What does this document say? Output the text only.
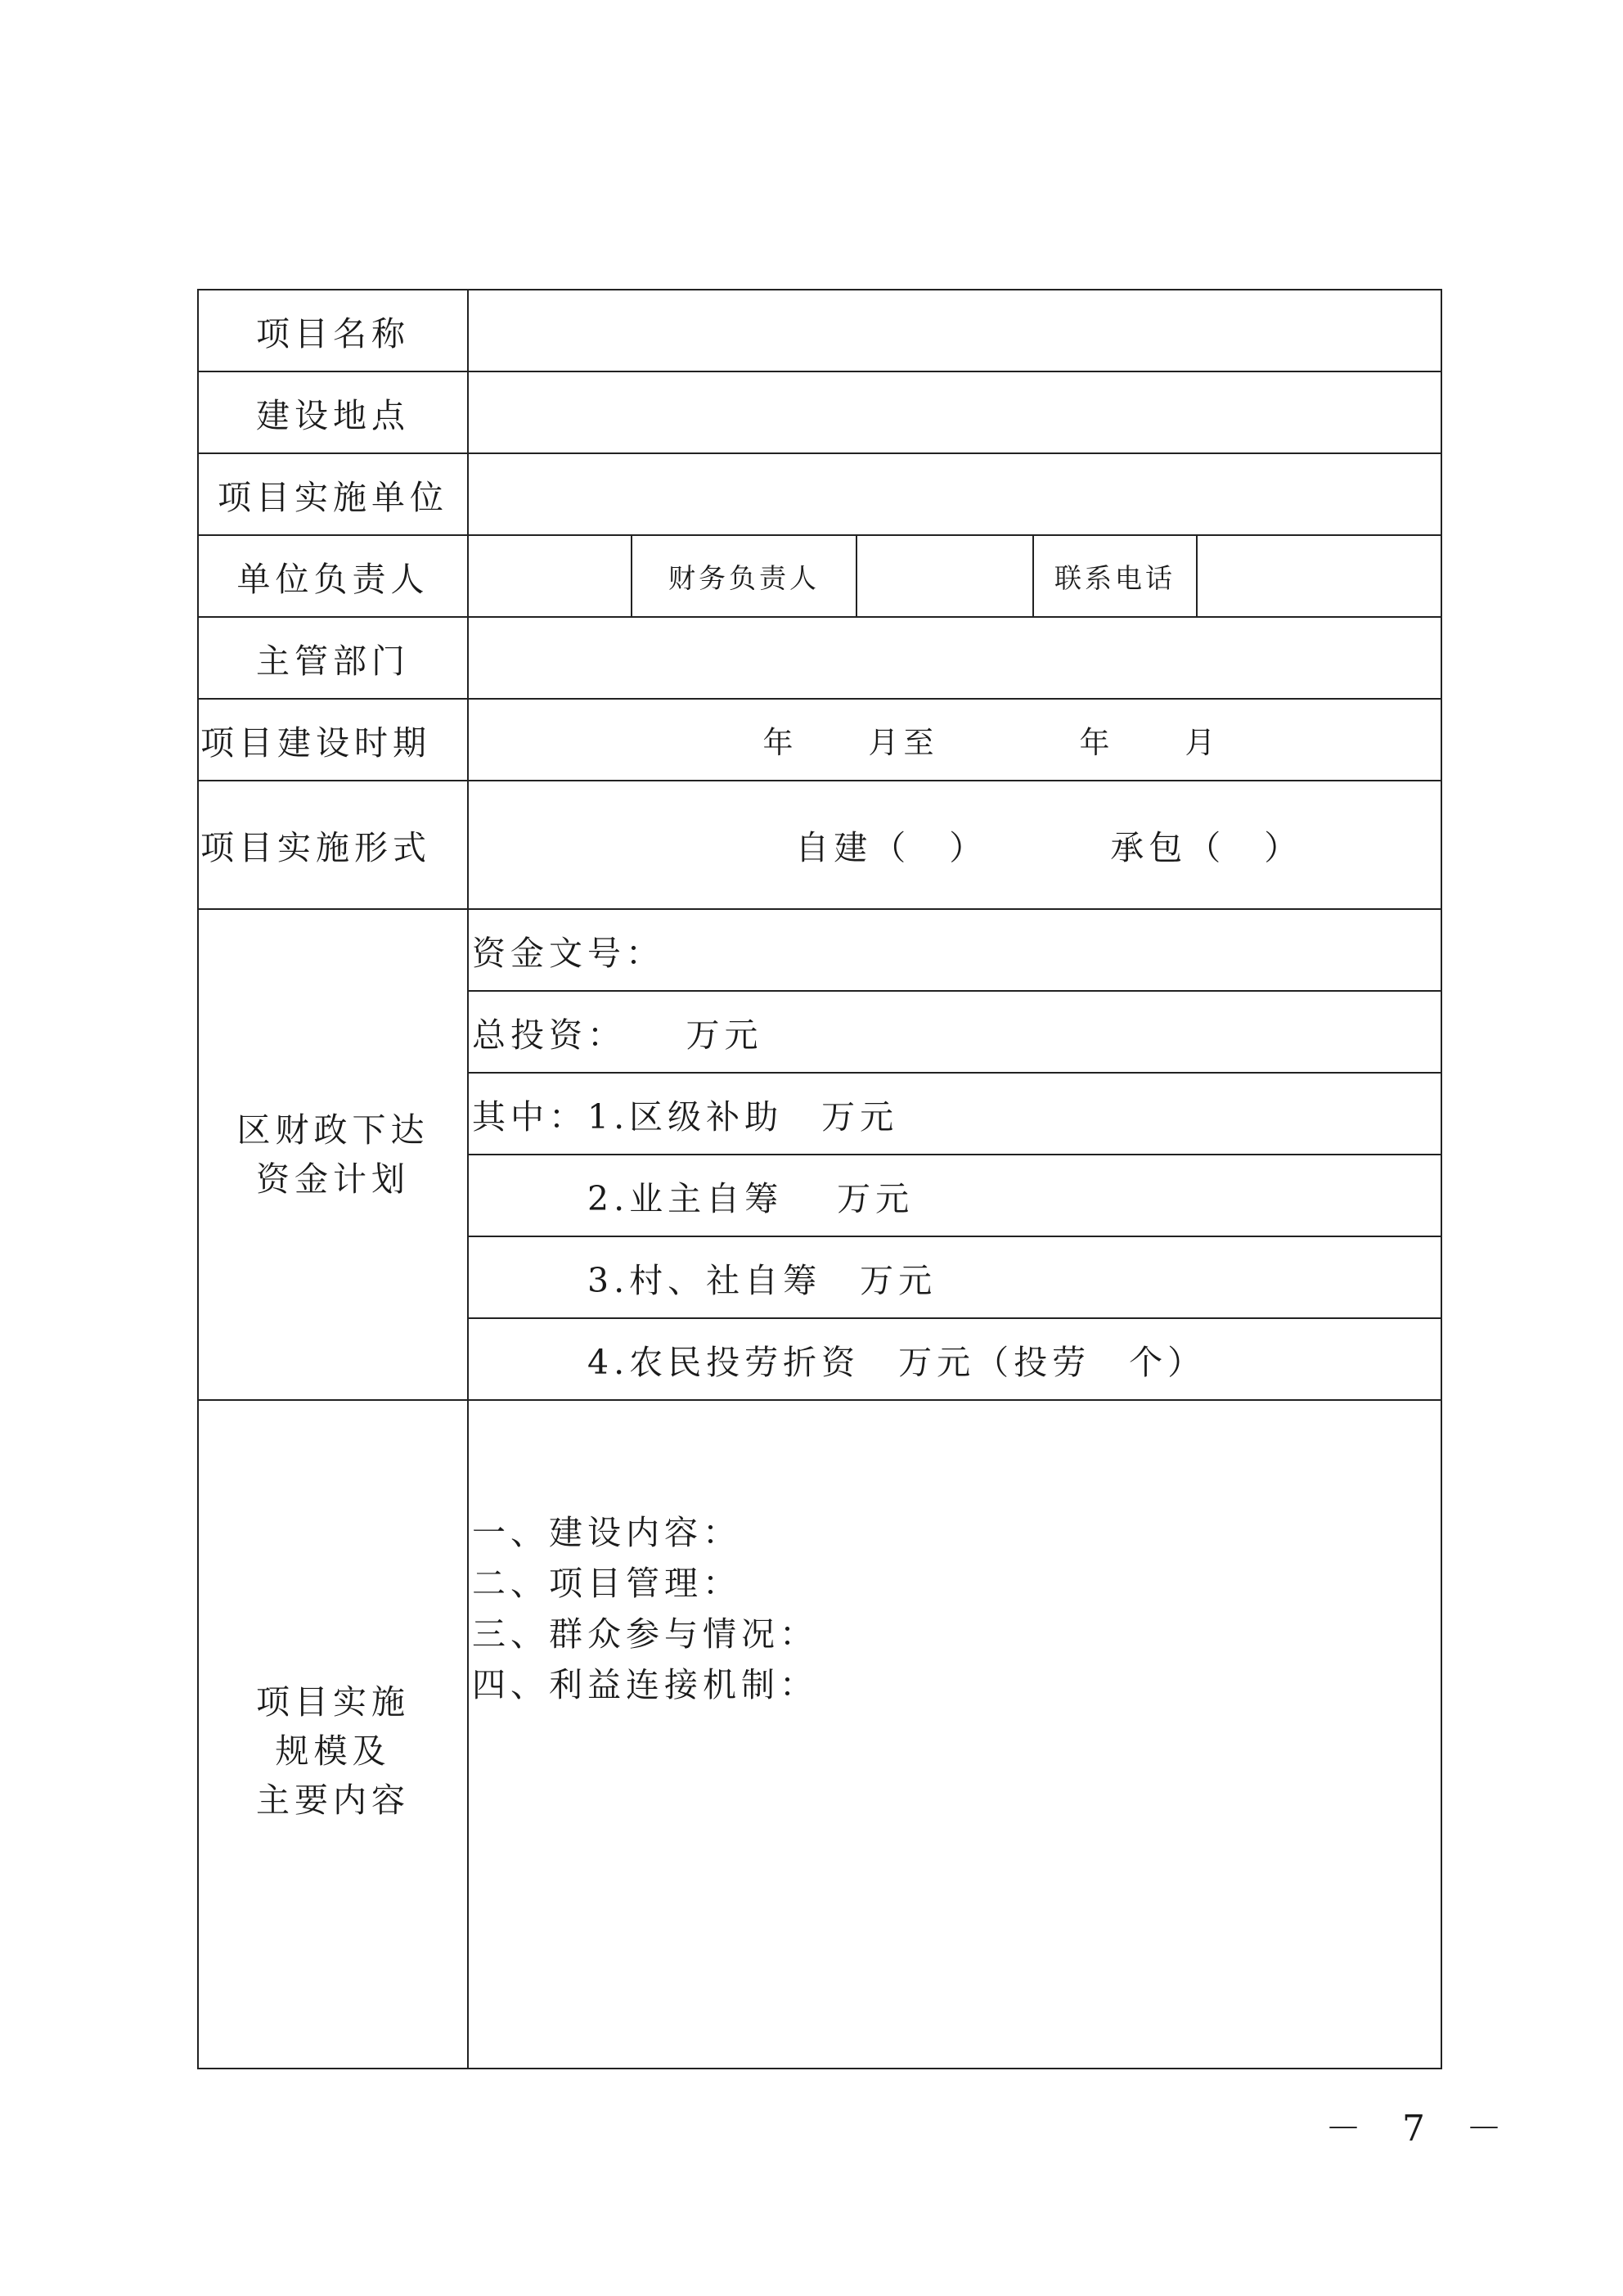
项目名称					
建设地点					
项目实施单位					
单位负责人		财务负责人		联系电话	
主管部门					
项目建设时期	年　　月至　　　　年　　月				
项目实施形式	自建（　） 承包（　）				

区财政下达
资金计划	资金文号：				
	总投资：　　万元				
	其中：1.区级补助　万元				
	2.业主自筹　 万元				
	3.村、社自筹　万元				
	4.农民投劳折资　万元（投劳　个）				

项目实施
规模及
主要内容	一、建设内容：
二、项目管理：
三、群众参与情况：
四、利益连接机制：				
－ 7 －
